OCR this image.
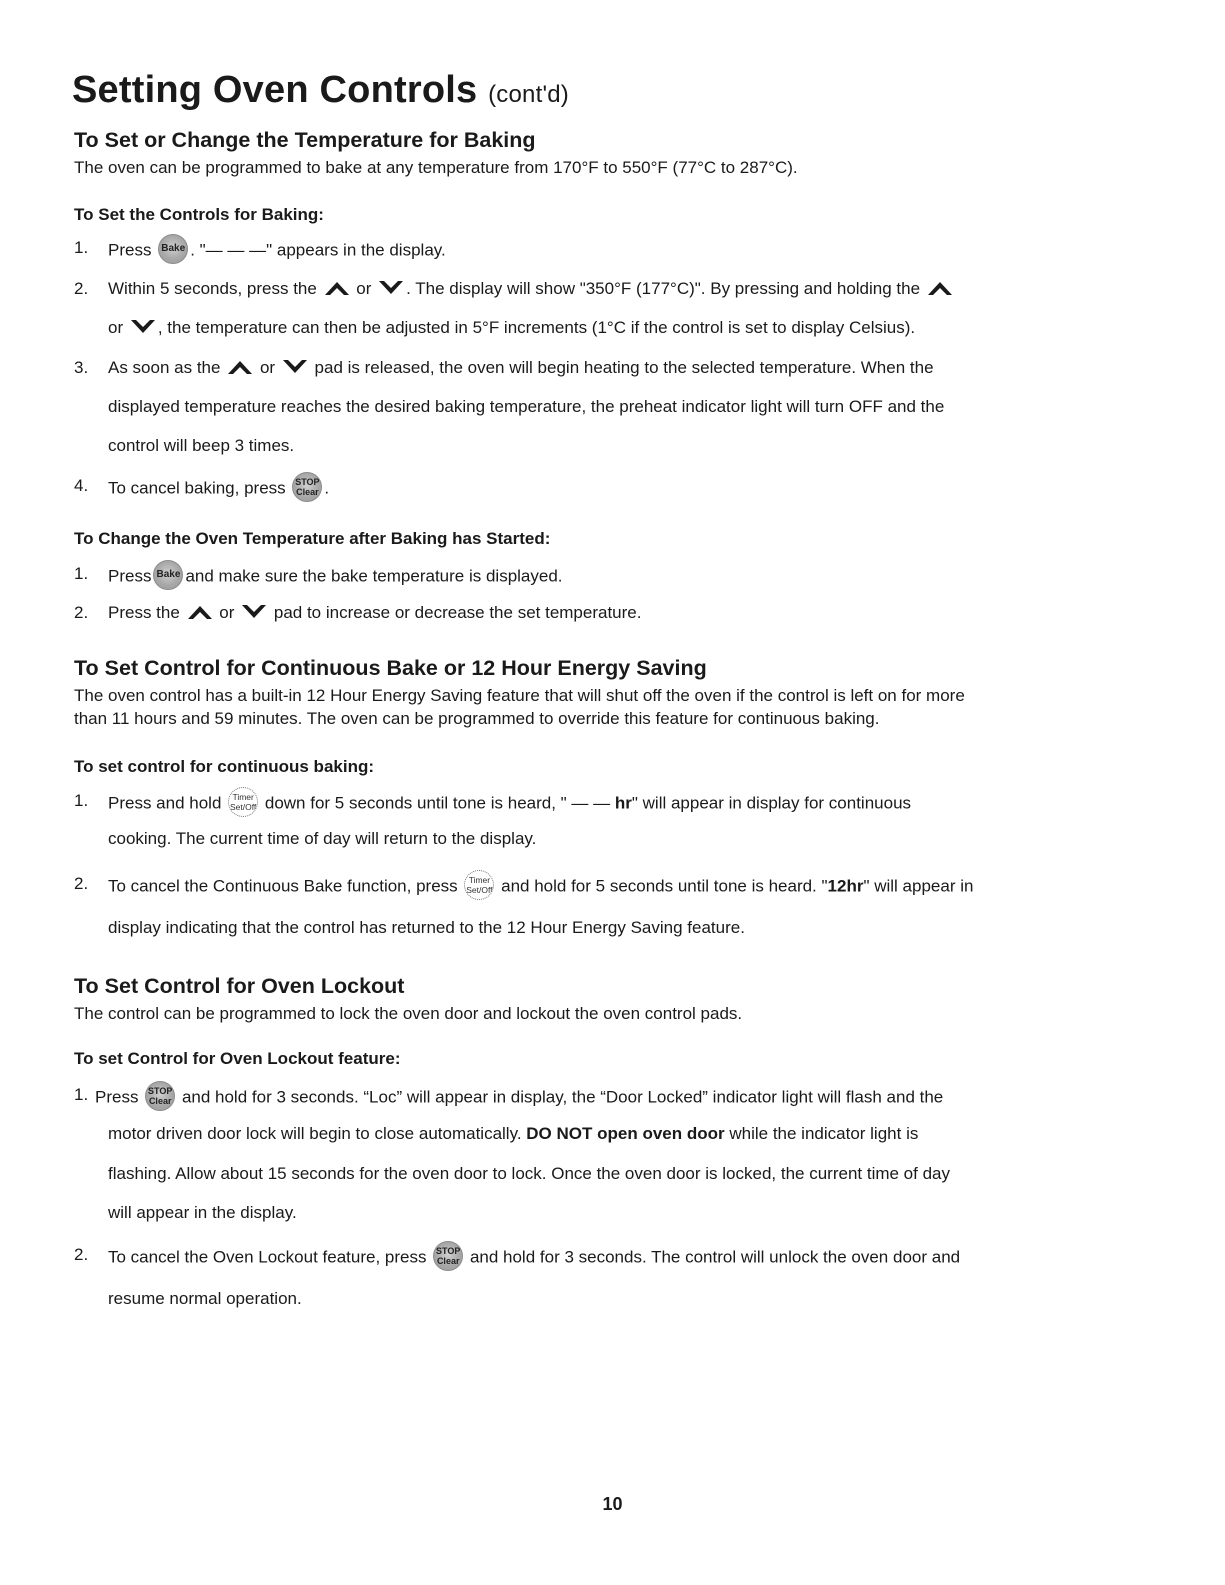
Setting Oven Controls (cont'd)
To Set or Change the Temperature for Baking

The oven can be programmed to bake at any temperature from 170°F to 550°F (77°C to 287°C).

To Set the Controls for Baking:
1. Press Bake . "— — —" appears in the display.
2. Within 5 seconds, press the or . The display will show "350°F (177°C)". By pressing and holding the
or , the temperature can then be adjusted in 5°F increments (1°C if the control is set to display Celsius).
3. As soon as the or pad is released, the oven will begin heating to the selected temperature. When the
displayed temperature reaches the desired baking temperature, the preheat indicator light will turn OFF and the
control will beep 3 times.
4. To cancel baking, press STOP
Clear .
To Change the Oven Temperature after Baking has Started:
1. Press Bake and make sure the bake temperature is displayed.
2. Press the or pad to increase or decrease the set temperature.
To Set Control for Continuous Bake or 12 Hour Energy Saving

The oven control has a built-in 12 Hour Energy Saving feature that will shut off the oven if the control is left on for more

than 11 hours and 59 minutes. The oven can be programmed to override this feature for continuous baking.

To set control for continuous baking:
1. Press and hold	Timer
Set/Off down for 5 seconds until tone is heard, " — — hr" will appear in display for continuous
cooking. The current time of day will return to the display.
2. To cancel the Continuous Bake function, press	Timer
Set/Off and hold for 5 seconds until tone is heard. "12hr" will appear in
display indicating that the control has returned to the 12 Hour Energy Saving feature.
To Set Control for Oven Lockout

The control can be programmed to lock the oven door and lockout the oven control pads.

To set Control for Oven Lockout feature:
1. Press STOP
Clear and hold for 3 seconds. “Loc” will appear in display, the “Door Locked” indicator light will flash and the
motor driven door lock will begin to close automatically. DO NOT open oven door while the indicator light is
flashing. Allow about 15 seconds for the oven door to lock. Once the oven door is locked, the current time of day
will appear in the display.
2. To cancel the Oven Lockout feature, press STOP
Clear and hold for 3 seconds. The control will unlock the oven door and
resume normal operation.
10
